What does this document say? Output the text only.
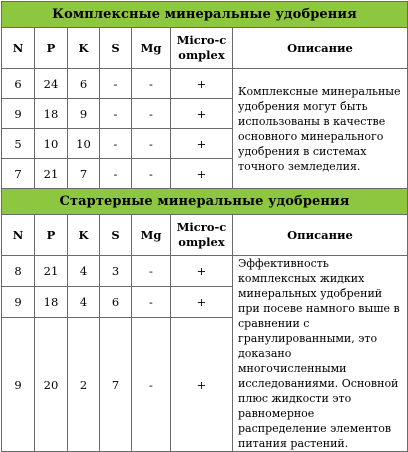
Комплексные минеральные удобрения						
N	P	K	S	Mg	Micro-complex	Описание
6	24	6	-	-	+	Комплексные минеральные удобрения могут быть использованы в качестве основного минерального удобрения в системах точного земледелия.
9	18	9	-	-	+	
5	10	10	-	-	+	
7	21	7	-	-	+	
Стартерные минеральные удобрения						
N	P	K	S	Mg	Micro-complex	Описание
8	21	4	3	-	+	Эффективность комплексных жидких минеральных удобрений при посеве намного выше в сравнении с гранулированными, это доказано многочисленными исследованиями. Основной плюс жидкости это равномерное распределение элементов питания растений.
9	18	4	6	-	+	
9	20	2	7	-	+	
